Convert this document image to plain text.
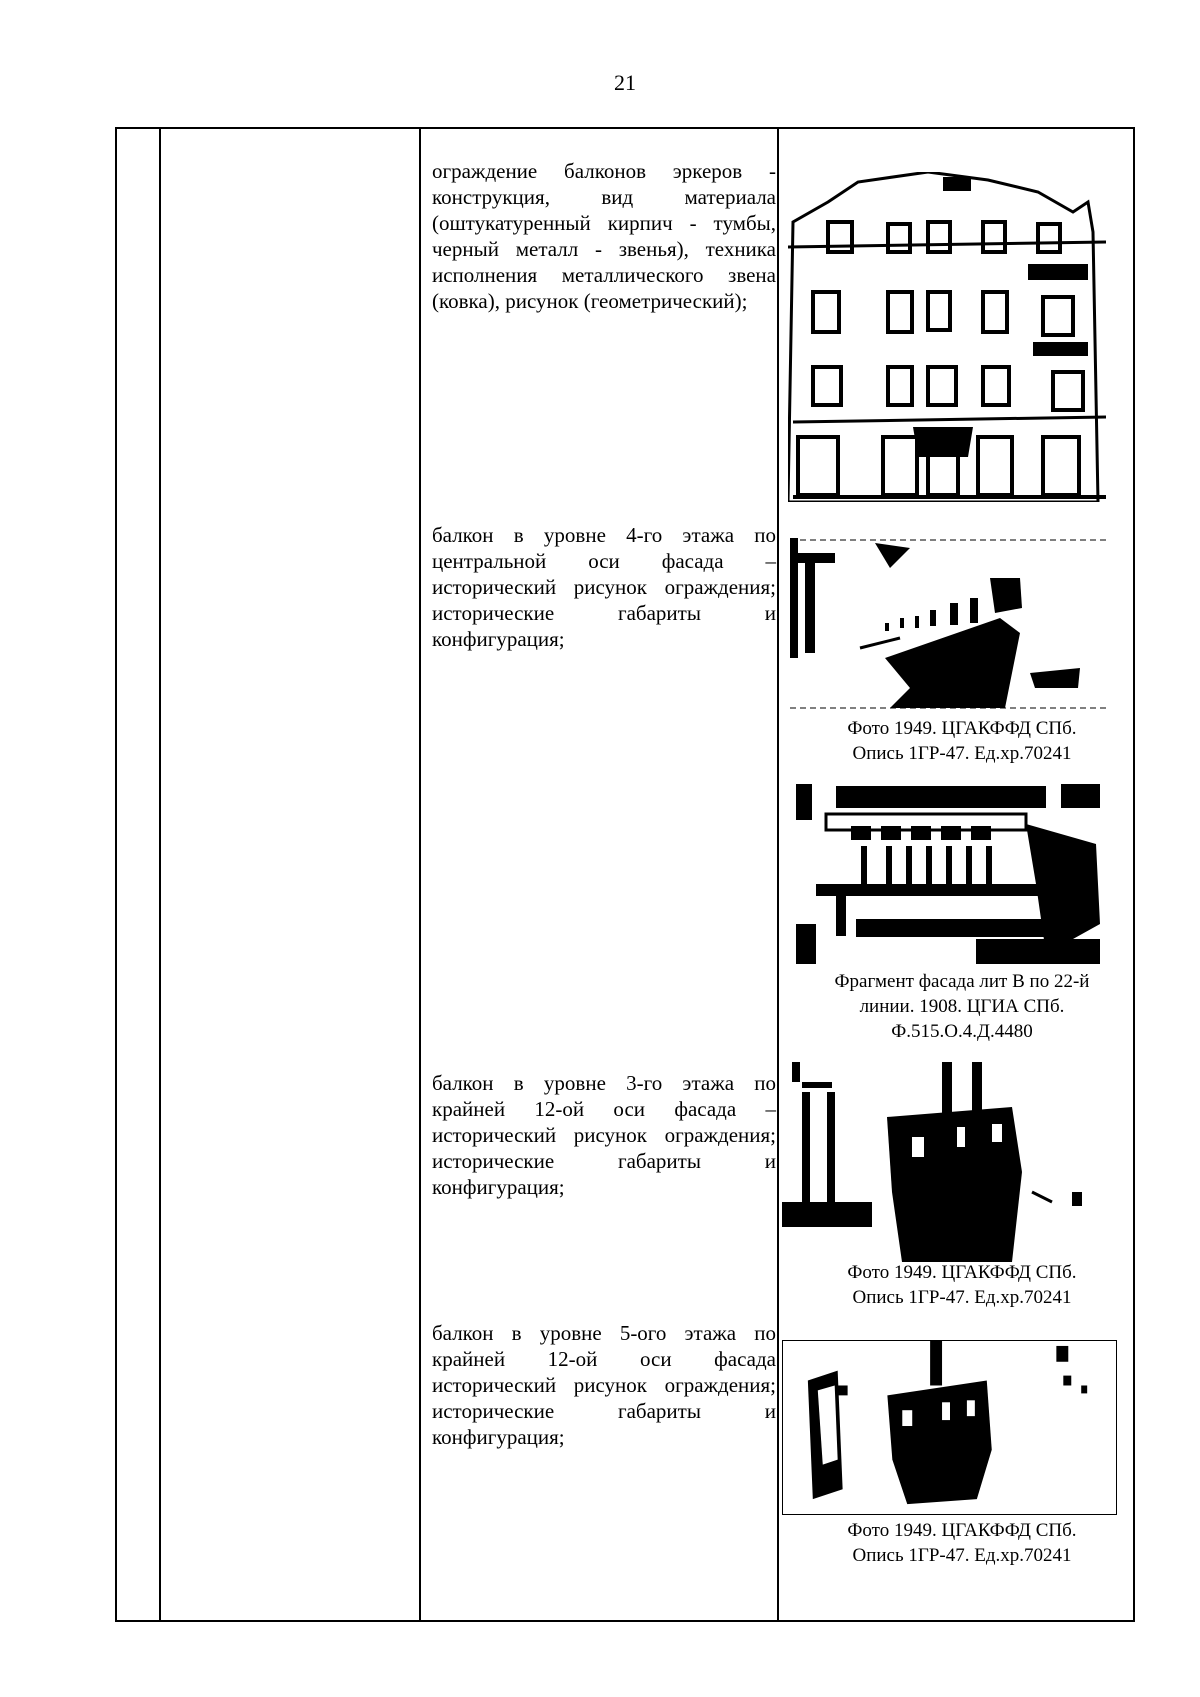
21
ограждение балконов эркеров - конструкция, вид материала (оштукатуренный кирпич - тумбы, черный металл - звенья), техника исполнения металлического звена (ковка), рисунок (геометрический);
балкон в уровне 4-го этажа по центральной оси фасада – исторический рисунок ограждения; исторические габариты и конфигурация;
Фото 1949. ЦГАКФФД СПб.
Опись 1ГР-47. Ед.хр.70241
Фрагмент фасада лит В по 22-й
линии. 1908. ЦГИА СПб.
Ф.515.О.4.Д.4480
балкон в уровне 3-го этажа по крайней 12-ой оси фасада – исторический рисунок ограждения; исторические габариты и конфигурация;
Фото 1949. ЦГАКФФД СПб.
Опись 1ГР-47. Ед.хр.70241
балкон в уровне 5-ого этажа по крайней 12-ой оси фасада исторический рисунок ограждения; исторические габариты и конфигурация;
Фото 1949. ЦГАКФФД СПб.
Опись 1ГР-47. Ед.хр.70241
